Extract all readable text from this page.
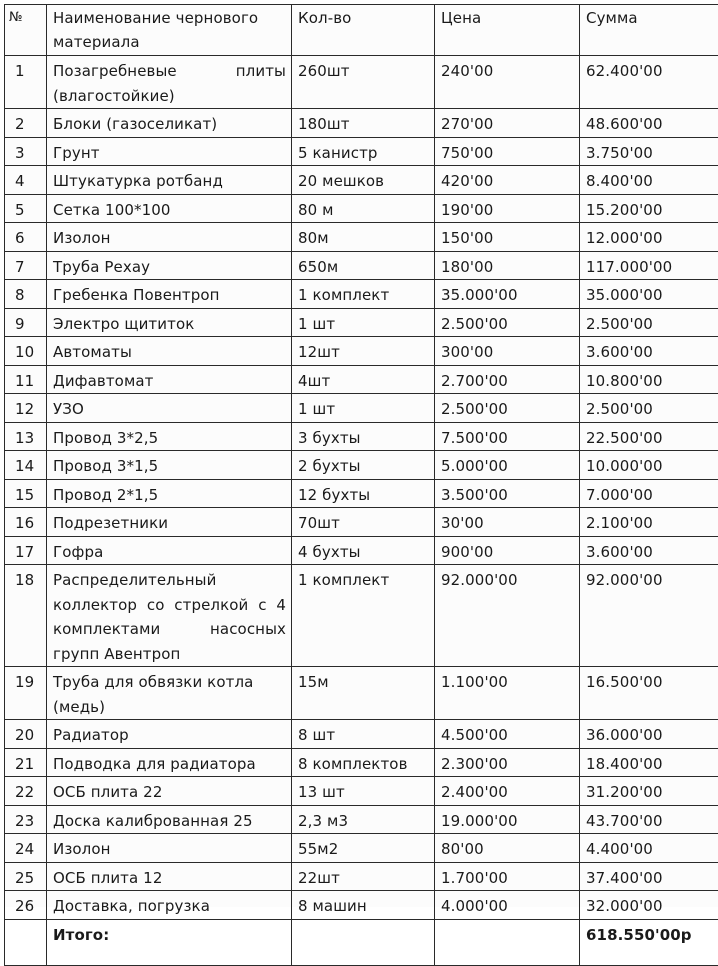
№	Наименование чернового материала	Кол-во	Цена	Сумма
1	Позагребневые плиты (влагостойкие)	260шт	240'00	62.400'00
2	Блоки (газоселикат)	180шт	270'00	48.600'00
3	Грунт	5 канистр	750'00	3.750'00
4	Штукатурка ротбанд	20 мешков	420'00	8.400'00
5	Сетка 100*100	80 м	190'00	15.200'00
6	Изолон	80м	150'00	12.000'00
7	Труба Рехау	650м	180'00	117.000'00
8	Гребенка Повентроп	1 комплект	35.000'00	35.000'00
9	Электро щититок	1 шт	2.500'00	2.500'00
10	Автоматы	12шт	300'00	3.600'00
11	Дифавтомат	4шт	2.700'00	10.800'00
12	УЗО	1 шт	2.500'00	2.500'00
13	Провод 3*2,5	3 бухты	7.500'00	22.500'00
14	Провод 3*1,5	2 бухты	5.000'00	10.000'00
15	Провод 2*1,5	12 бухты	3.500'00	7.000'00
16	Подрезетники	70шт	30'00	2.100'00
17	Гофра	4 бухты	900'00	3.600'00
18	Распределительный коллектор со стрелкой с 4 комплектами насосных групп Авентроп	1 комплект	92.000'00	92.000'00
19	Труба для обвязки котла (медь)	15м	1.100'00	16.500'00
20	Радиатор	8 шт	4.500'00	36.000'00
21	Подводка для радиатора	8 комплектов	2.300'00	18.400'00
22	ОСБ плита 22	13 шт	2.400'00	31.200'00
23	Доска калиброванная 25	2,3 м3	19.000'00	43.700'00
24	Изолон	55м2	80'00	4.400'00
25	ОСБ плита 12	22шт	1.700'00	37.400'00
26	Доставка, погрузка	8 машин	4.000'00	32.000'00
	Итого:			618.550'00р
